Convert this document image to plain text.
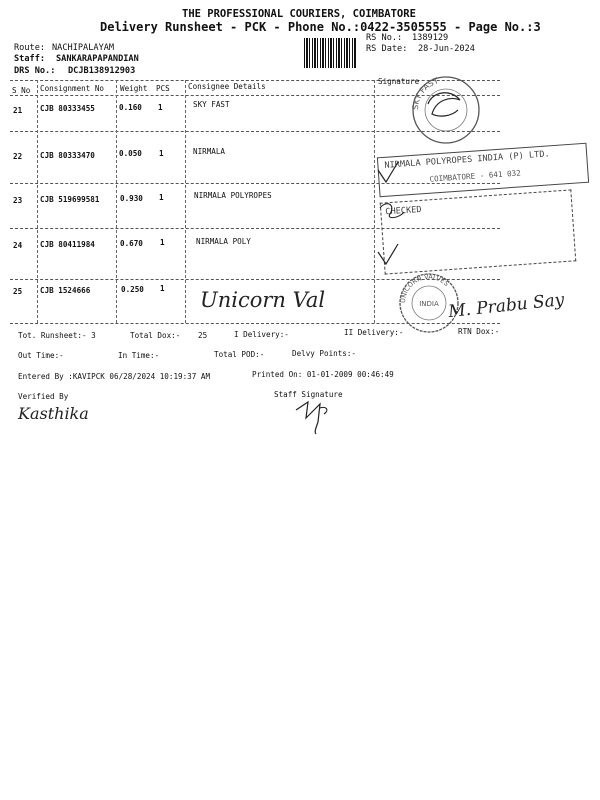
THE PROFESSIONAL COURIERS, COIMBATORE
Delivery Runsheet - PCK - Phone No.:0422-3505555 - Page No.:3
Route: NACHIPALAYAM
Staff: SANKARAPAPANDIAN
DRS No.: DCJB138912903
RS No.: 1389129
RS Date: 28-Jun-2024
S No Consignment No Weight PCS Consignee Details
Signature
21 CJB 80333455	0.160 1	SKY FAST
22 CJB 80333470	0.050 1	NIRMALA
23 CJB 519699581	0.930 1	NIRMALA POLYROPES
24 CJB 80411984	0.670 1	NIRMALA POLY
25 CJB 1524666	0.250 1
SKY FAST
NIRMALA POLYROPES INDIA (P) LTD.
COIMBATORE - 641 032
CHECKED
Unicorn Val	UNICORN VALVES
INDIA M. Prabu Say
Tot. Runsheet:- 3	Total Dox:- 25	I Delivery:-	II Delivery:-	RTN Dox:-
Out Time:-	In Time:-	Total POD:-	Delvy Points:-
Entered By :KAVIPCK 06/28/2024 10:19:37 AM	Printed On: 01-01-2009 00:46:49
Verified By	Staff Signature
Kasthika
